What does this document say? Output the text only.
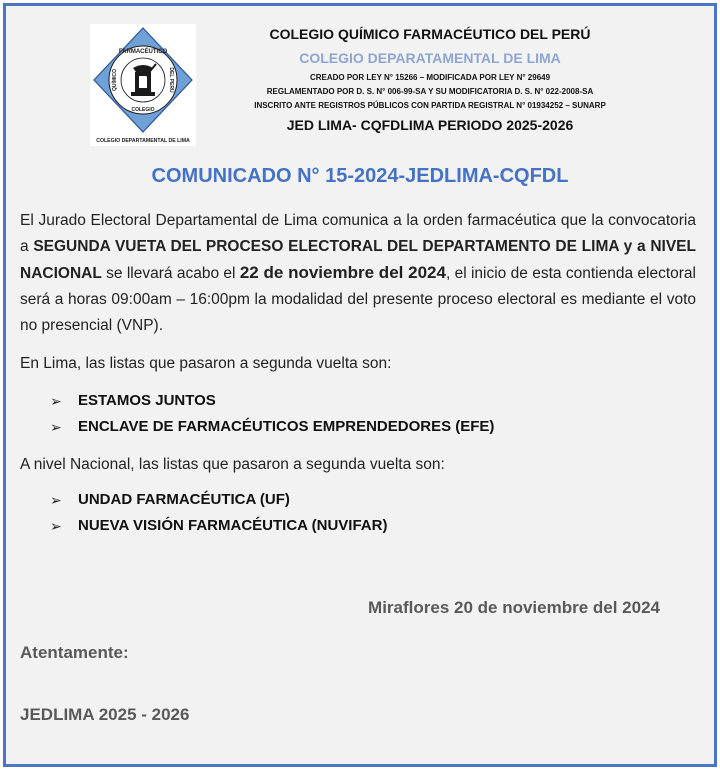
FARMACÉUTICO
QUÍMICO	DEL PERÚ
COLEGIO
COLEGIO DEPARTAMENTAL DE LIMA
COLEGIO QUÍMICO FARMACÉUTICO DEL PERÚ
COLEGIO DEPARATAMENTAL DE LIMA
CREADO POR LEY N° 15266 – MODIFICADA POR LEY N° 29649
REGLAMENTADO POR D. S. N° 006-99-SA Y SU MODIFICATORIA D. S. N° 022-2008-SA
INSCRITO ANTE REGISTROS PÚBLICOS CON PARTIDA REGISTRAL N° 01934252 – SUNARP
JED LIMA- CQFDLIMA PERIODO 2025-2026
COMUNICADO N° 15-2024-JEDLIMA-CQFDL
El Jurado Electoral Departamental de Lima comunica a la orden farmacéutica que la convocatoria a SEGUNDA VUETA DEL PROCESO ELECTORAL DEL DEPARTAMENTO DE LIMA y a NIVEL NACIONAL se llevará acabo el 22 de noviembre del 2024, el inicio de esta contienda electoral será a horas 09:00am – 16:00pm la modalidad del presente proceso electoral es mediante el voto no presencial (VNP).
En Lima, las listas que pasaron a segunda vuelta son:
➢	ESTAMOS JUNTOS
➢	ENCLAVE DE FARMACÉUTICOS EMPRENDEDORES (EFE)
A nivel Nacional, las listas que pasaron a segunda vuelta son:
➢	UNDAD FARMACÉUTICA (UF)
➢	NUEVA VISIÓN FARMACÉUTICA (NUVIFAR)
Miraflores 20 de noviembre del 2024
Atentamente:
JEDLIMA 2025 - 2026
